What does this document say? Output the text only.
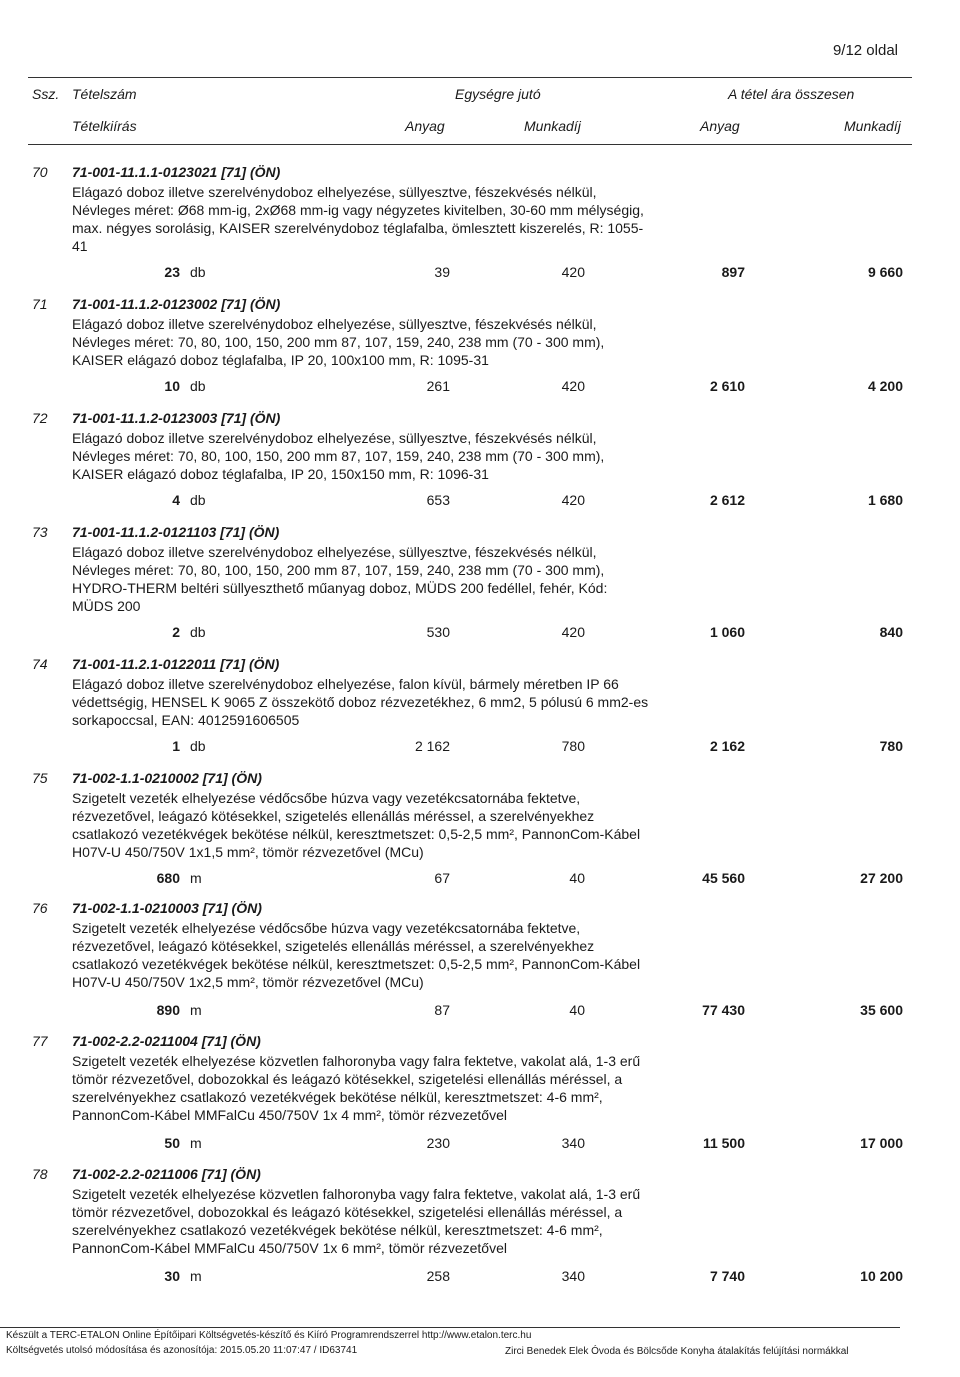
9/12 oldal
Ssz. Tételszám	Egységre jutó	A tétel ára összesen
Tételkiírás	Anyag	Munkadíj	Anyag	Munkadíj
70 71-001-11.1.1-0123021 [71] (ÖN)
Elágazó doboz illetve szerelvénydoboz elhelyezése, süllyesztve, fészekvésés nélkül, Névleges méret: Ø68 mm-ig, 2xØ68 mm-ig vagy négyzetes kivitelben, 30-60 mm mélységig, max. négyes sorolásig, KAISER szerelvénydoboz téglafalba, ömlesztett kiszerelés, R: 1055-41
23 db	39	420	897	9 660
71 71-001-11.1.2-0123002 [71] (ÖN)
Elágazó doboz illetve szerelvénydoboz elhelyezése, süllyesztve, fészekvésés nélkül, Névleges méret: 70, 80, 100, 150, 200 mm 87, 107, 159, 240, 238 mm (70 - 300 mm), KAISER elágazó doboz téglafalba, IP 20, 100x100 mm, R: 1095-31
10 db	261	420	2 610	4 200
72 71-001-11.1.2-0123003 [71] (ÖN)
Elágazó doboz illetve szerelvénydoboz elhelyezése, süllyesztve, fészekvésés nélkül, Névleges méret: 70, 80, 100, 150, 200 mm 87, 107, 159, 240, 238 mm (70 - 300 mm), KAISER elágazó doboz téglafalba, IP 20, 150x150 mm, R: 1096-31
4 db	653	420	2 612	1 680
73 71-001-11.1.2-0121103 [71] (ÖN)
Elágazó doboz illetve szerelvénydoboz elhelyezése, süllyesztve, fészekvésés nélkül, Névleges méret: 70, 80, 100, 150, 200 mm 87, 107, 159, 240, 238 mm (70 - 300 mm), HYDRO-THERM beltéri süllyeszthető műanyag doboz, MÜDS 200 fedéllel, fehér, Kód: MÜDS 200
2 db	530	420	1 060	840
74 71-001-11.2.1-0122011 [71] (ÖN)
Elágazó doboz illetve szerelvénydoboz elhelyezése, falon kívül, bármely méretben IP 66 védettségig, HENSEL K 9065 Z összekötő doboz rézvezetékhez, 6 mm2, 5 pólusú 6 mm2-es sorkapoccsal, EAN: 4012591606505
1 db	2 162	780	2 162	780
75 71-002-1.1-0210002 [71] (ÖN)
Szigetelt vezeték elhelyezése védőcsőbe húzva vagy vezetékcsatornába fektetve, rézvezetővel, leágazó kötésekkel, szigetelés ellenállás méréssel, a szerelvényekhez csatlakozó vezetékvégek bekötése nélkül, keresztmetszet: 0,5-2,5 mm², PannonCom-Kábel H07V-U 450/750V 1x1,5 mm², tömör rézvezetővel (MCu)
680 m	67	40	45 560	27 200
76 71-002-1.1-0210003 [71] (ÖN)
Szigetelt vezeték elhelyezése védőcsőbe húzva vagy vezetékcsatornába fektetve, rézvezetővel, leágazó kötésekkel, szigetelés ellenállás méréssel, a szerelvényekhez csatlakozó vezetékvégek bekötése nélkül, keresztmetszet: 0,5-2,5 mm², PannonCom-Kábel H07V-U 450/750V 1x2,5 mm², tömör rézvezetővel (MCu)
890 m	87	40	77 430	35 600
77 71-002-2.2-0211004 [71] (ÖN)
Szigetelt vezeték elhelyezése közvetlen falhoronyba vagy falra fektetve, vakolat alá, 1-3 erű tömör rézvezetővel, dobozokkal és leágazó kötésekkel, szigetelési ellenállás méréssel, a szerelvényekhez csatlakozó vezetékvégek bekötése nélkül, keresztmetszet: 4-6 mm², PannonCom-Kábel MMFalCu 450/750V 1x 4 mm², tömör rézvezetővel
50 m	230	340	11 500	17 000
78 71-002-2.2-0211006 [71] (ÖN)
Szigetelt vezeték elhelyezése közvetlen falhoronyba vagy falra fektetve, vakolat alá, 1-3 erű tömör rézvezetővel, dobozokkal és leágazó kötésekkel, szigetelési ellenállás méréssel, a szerelvényekhez csatlakozó vezetékvégek bekötése nélkül, keresztmetszet: 4-6 mm², PannonCom-Kábel MMFalCu 450/750V 1x 6 mm², tömör rézvezetővel
30 m	258	340	7 740	10 200
Készült a TERC-ETALON Online Építőipari Költségvetés-készítő és Kiíró Programrendszerrel http://www.etalon.terc.hu
Költségvetés utolsó módosítása és azonosítója: 2015.05.20 11:07:47 / ID63741	Zirci Benedek Elek Óvoda és Bölcsőde Konyha átalakítás felújítási normákkal
